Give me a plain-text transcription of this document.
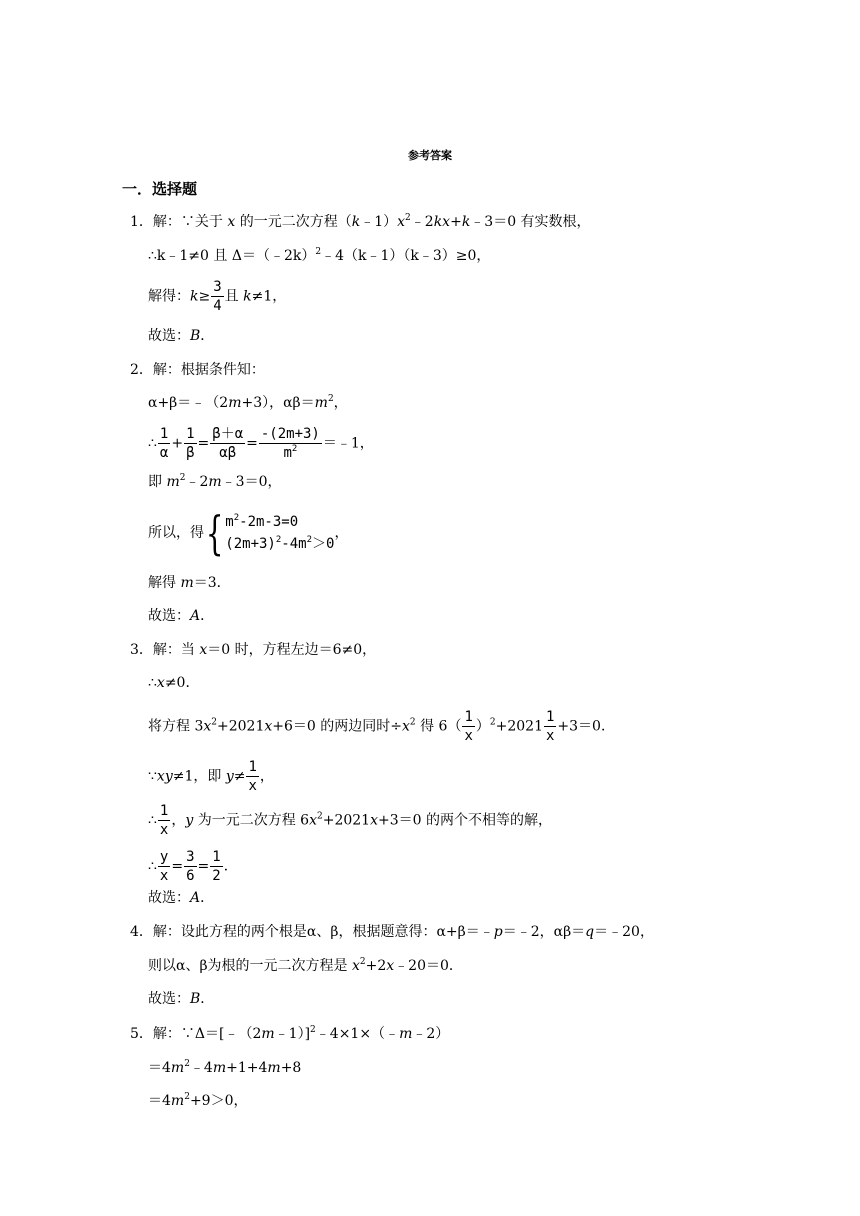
参考答案
一．选择题
1．解：∵关于 x 的一元二次方程$(k﹣1)x^2﹣2kx+k﹣3=0$ 有实数根，
∴k﹣1≠0 且 Δ＝（﹣2k）$^2$﹣4（k﹣1）（k﹣3）≥0，
解得：$k\ge \frac{3}{4}$ 且 k≠1，
故选：B．
2．解：根据条件知：
α+β＝﹣（2m+3），$\alpha\beta=m^2$，
∴ $\frac{1}{\alpha} + \frac{1}{\beta} = \frac{\beta+\alpha}{\alpha\beta} = \frac{-(2m+3)}{m^2}$ ＝﹣1，
即 $m^2﹣2m﹣3=0$，
所以，得{ $m^2-2m-3=0$
$(2m+3)^2-4m^2>0$
，
解得 m＝3．
故选：A．
3．解：当 x＝0 时，方程左边＝6≠0，
∴x≠0．
将方程 $3x^2+2021x+6=0$ 的两边同时$\div x^2$ 得 $6( \frac{1}{x} )^2+2021 \frac{1}{x} +3=0$．
∵xy≠1，即 $y\ne \frac{1}{x}$ ，
∴ $\frac{1}{x}$ ，y 为一元二次方程 $6x^2+2021x+3=0$ 的两个不相等的解，
∴ $\frac{y}{x} = \frac{3}{6} = \frac{1}{2}$ ．
故选：A．
4．解：设此方程的两个根是α、β，根据题意得：α+β＝﹣p＝﹣2，αβ＝q＝﹣20，
则以α、β为根的一元二次方程是 $x^2+2x﹣20=0$．
故选：B．
5．解：∵Δ＝[﹣（2m﹣1）]$^2$﹣4×1×（﹣m﹣2）
$=4m^2﹣4m+1+4m+8$
$=4m^2+9>0$，
